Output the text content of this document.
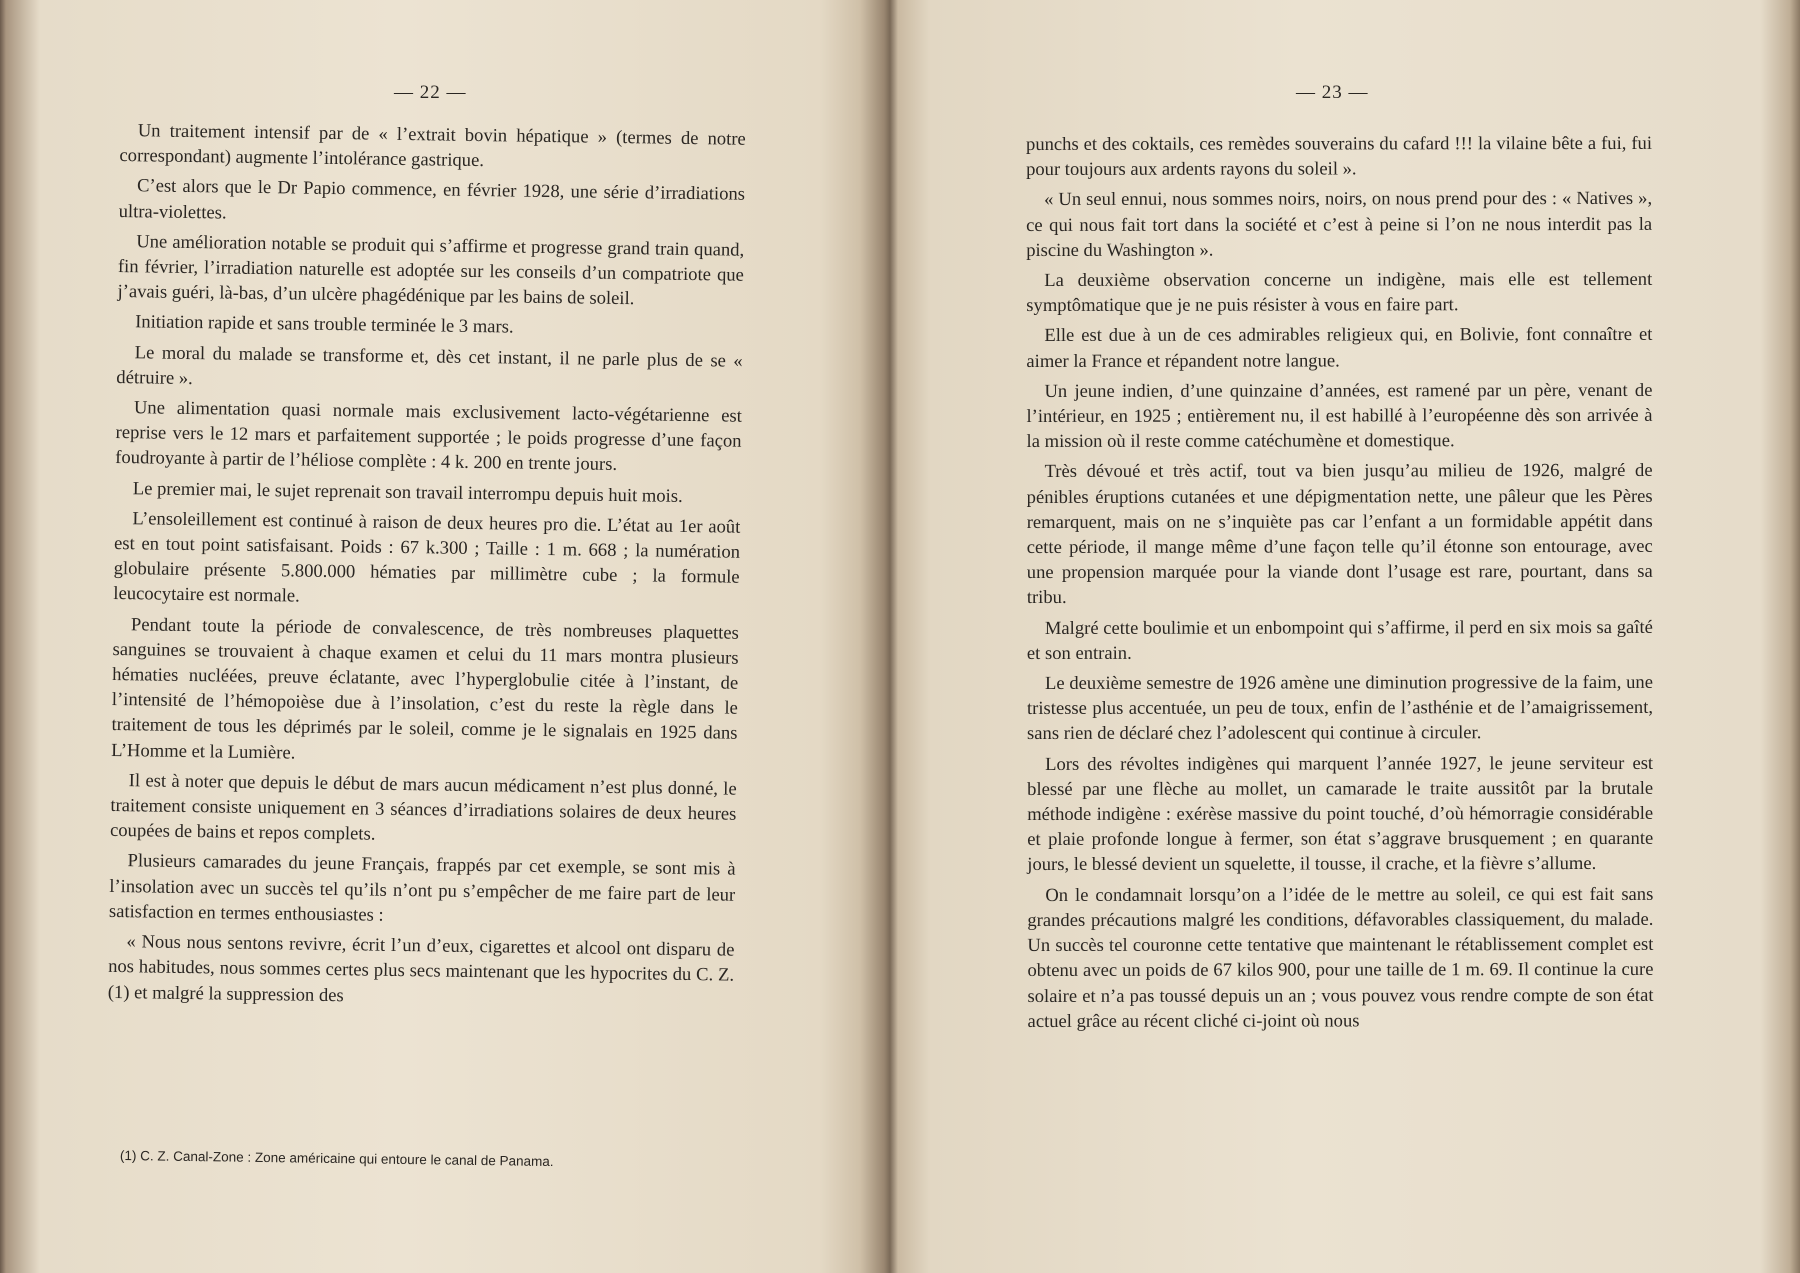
— 22 —

Un traitement intensif par de « l’extrait bovin hépatique » (termes de notre correspondant) augmente l’intolérance gastrique.

C’est alors que le Dr Papio commence, en février 1928, une série d’irradiations ultra-violettes.

Une amélioration notable se produit qui s’affirme et progresse grand train quand, fin février, l’irradiation naturelle est adoptée sur les conseils d’un compatriote que j’avais guéri, là-bas, d’un ulcère phagédénique par les bains de soleil.

Initiation rapide et sans trouble terminée le 3 mars.

Le moral du malade se transforme et, dès cet instant, il ne parle plus de se « détruire ».

Une alimentation quasi normale mais exclusivement lacto-végétarienne est reprise vers le 12 mars et parfaitement supportée ; le poids progresse d’une façon foudroyante à partir de l’héliose complète : 4 k. 200 en trente jours.

Le premier mai, le sujet reprenait son travail interrompu depuis huit mois.

L’ensoleillement est continué à raison de deux heures pro die. L’état au 1er août est en tout point satisfaisant. Poids : 67 k.300 ; Taille : 1 m. 668 ; la numération globulaire présente 5.800.000 hématies par millimètre cube ; la formule leucocytaire est normale.

Pendant toute la période de convalescence, de très nombreuses plaquettes sanguines se trouvaient à chaque examen et celui du 11 mars montra plusieurs hématies nucléées, preuve éclatante, avec l’hyperglobulie citée à l’instant, de l’intensité de l’hémopoièse due à l’insolation, c’est du reste la règle dans le traitement de tous les déprimés par le soleil, comme je le signalais en 1925 dans L’Homme et la Lumière.

Il est à noter que depuis le début de mars aucun médicament n’est plus donné, le traitement consiste uniquement en 3 séances d’irradiations solaires de deux heures coupées de bains et repos complets.

Plusieurs camarades du jeune Français, frappés par cet exemple, se sont mis à l’insolation avec un succès tel qu’ils n’ont pu s’empêcher de me faire part de leur satisfaction en termes enthousiastes :

« Nous nous sentons revivre, écrit l’un d’eux, cigarettes et alcool ont disparu de nos habitudes, nous sommes certes plus secs maintenant que les hypocrites du C. Z. (1) et malgré la suppression des

(1) C. Z. Canal-Zone : Zone américaine qui entoure le canal de Panama.
— 23 —

punchs et des coktails, ces remèdes souverains du cafard !!! la vilaine bête a fui, fui pour toujours aux ardents rayons du soleil ».

« Un seul ennui, nous sommes noirs, noirs, on nous prend pour des : « Natives », ce qui nous fait tort dans la société et c’est à peine si l’on ne nous interdit pas la piscine du Washington ».

La deuxième observation concerne un indigène, mais elle est tellement symptômatique que je ne puis résister à vous en faire part.

Elle est due à un de ces admirables religieux qui, en Bolivie, font connaître et aimer la France et répandent notre langue.

Un jeune indien, d’une quinzaine d’années, est ramené par un père, venant de l’intérieur, en 1925 ; entièrement nu, il est habillé à l’européenne dès son arrivée à la mission où il reste comme catéchumène et domestique.

Très dévoué et très actif, tout va bien jusqu’au milieu de 1926, malgré de pénibles éruptions cutanées et une dépigmentation nette, une pâleur que les Pères remarquent, mais on ne s’inquiète pas car l’enfant a un formidable appétit dans cette période, il mange même d’une façon telle qu’il étonne son entourage, avec une propension marquée pour la viande dont l’usage est rare, pourtant, dans sa tribu.

Malgré cette boulimie et un enbompoint qui s’affirme, il perd en six mois sa gaîté et son entrain.

Le deuxième semestre de 1926 amène une diminution progressive de la faim, une tristesse plus accentuée, un peu de toux, enfin de l’asthénie et de l’amaigrissement, sans rien de déclaré chez l’adolescent qui continue à circuler.

Lors des révoltes indigènes qui marquent l’année 1927, le jeune serviteur est blessé par une flèche au mollet, un camarade le traite aussitôt par la brutale méthode indigène : exérèse massive du point touché, d’où hémorragie considérable et plaie profonde longue à fermer, son état s’aggrave brusquement ; en quarante jours, le blessé devient un squelette, il tousse, il crache, et la fièvre s’allume.

On le condamnait lorsqu’on a l’idée de le mettre au soleil, ce qui est fait sans grandes précautions malgré les conditions, défavorables classiquement, du malade. Un succès tel couronne cette tentative que maintenant le rétablissement complet est obtenu avec un poids de 67 kilos 900, pour une taille de 1 m. 69. Il continue la cure solaire et n’a pas toussé depuis un an ; vous pouvez vous rendre compte de son état actuel grâce au récent cliché ci-joint où nous
